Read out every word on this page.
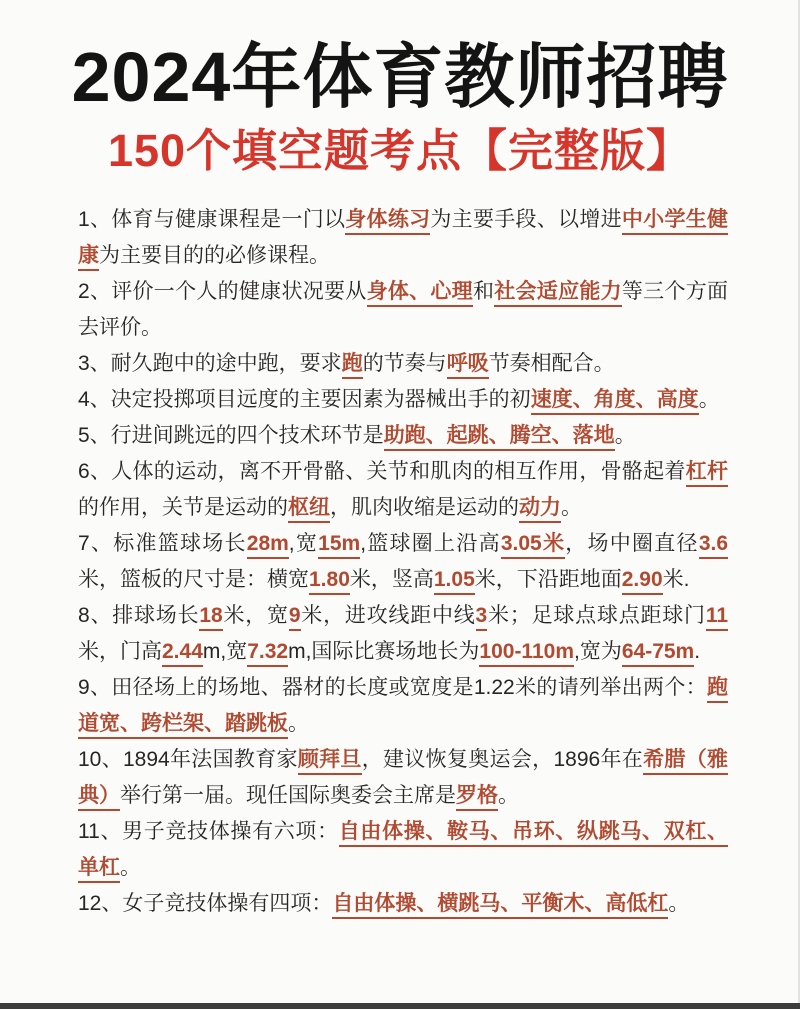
2024年体育教师招聘
150个填空题考点【完整版】

1、体育与健康课程是一门以身体练习为主要手段、以增进中小学生健康为主要目的的必修课程。

2、评价一个人的健康状况要从身体、心理和社会适应能力等三个方面去评价。

3、耐久跑中的途中跑，要求跑的节奏与呼吸节奏相配合。

4、决定投掷项目远度的主要因素为器械出手的初速度、角度、高度。

5、行进间跳远的四个技术环节是助跑、起跳、腾空、落地。

6、人体的运动，离不开骨骼、关节和肌肉的相互作用，骨骼起着杠杆的作用，关节是运动的枢纽，肌肉收缩是运动的动力。

7、标准篮球场长28m,宽15m,篮球圈上沿高3.05米，场中圈直径3.6米，篮板的尺寸是：横宽1.80米，竖高1.05米，下沿距地面2.90米.

8、排球场长18米，宽9米，进攻线距中线3米；足球点球点距球门11米，门高2.44m,宽7.32m,国际比赛场地长为100-110m,宽为64-75m.

9、田径场上的场地、器材的长度或宽度是1.22米的请列举出两个：跑道宽、跨栏架、踏跳板。

10、1894年法国教育家顾拜旦，建议恢复奥运会，1896年在希腊（雅典）举行第一届。现任国际奥委会主席是罗格。

11、男子竞技体操有六项：自由体操、鞍马、吊环、纵跳马、双杠、单杠。

12、女子竞技体操有四项：自由体操、横跳马、平衡木、高低杠。
